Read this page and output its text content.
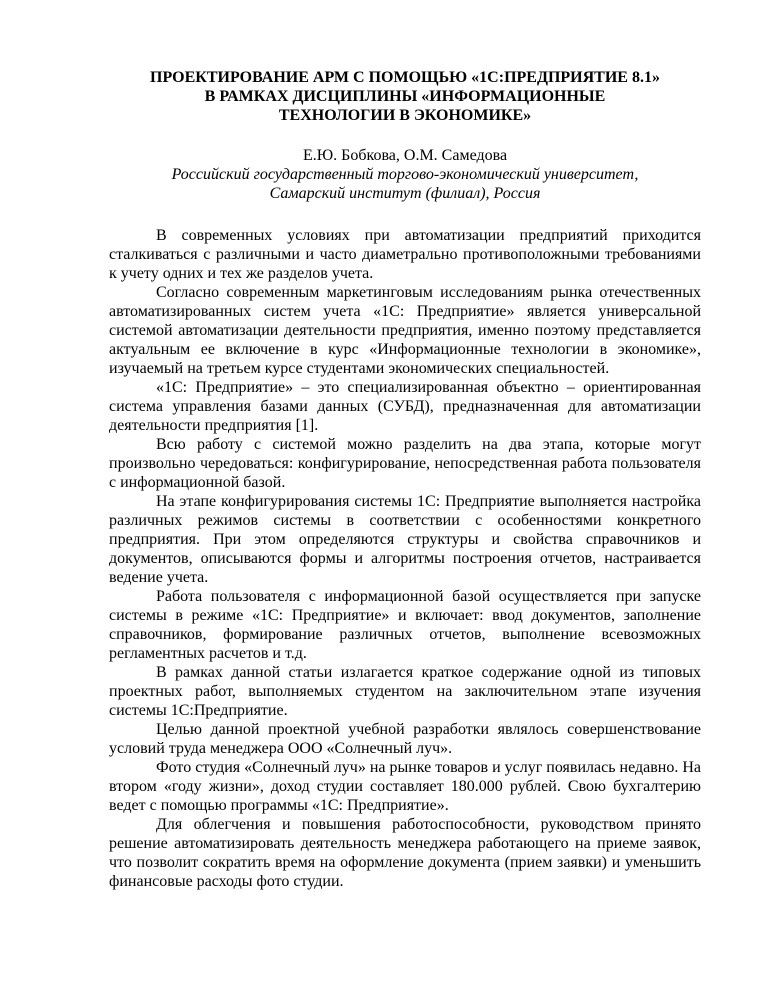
ПРОЕКТИРОВАНИЕ АРМ С ПОМОЩЬЮ «1С:ПРЕДПРИЯТИЕ 8.1»
В РАМКАХ ДИСЦИПЛИНЫ «ИНФОРМАЦИОННЫЕ
ТЕХНОЛОГИИ В ЭКОНОМИКЕ»
Е.Ю. Бобкова, О.М. Самедова
Российский государственный торгово-экономический университет,
Самарский институт (филиал), Россия

В современных условиях при автоматизации предприятий приходится сталкиваться с различными и часто диаметрально противоположными требованиями к учету одних и тех же разделов учета.

Согласно современным маркетинговым исследованиям рынка отечественных автоматизированных систем учета «1С: Предприятие» является универсальной системой автоматизации деятельности предприятия, именно поэтому представляется актуальным ее включение в курс «Информационные технологии в экономике», изучаемый на третьем курсе студентами экономических специальностей.

«1С: Предприятие» – это специализированная объектно – ориентированная система управления базами данных (СУБД), предназначенная для автоматизации деятельности предприятия [1].

Всю работу с системой можно разделить на два этапа, которые могут произвольно чередоваться: конфигурирование, непосредственная работа пользователя с информационной базой.

На этапе конфигурирования системы 1С: Предприятие выполняется настройка различных режимов системы в соответствии с особенностями конкретного предприятия. При этом определяются структуры и свойства справочников и документов, описываются формы и алгоритмы построения отчетов, настраивается ведение учета.

Работа пользователя с информационной базой осуществляется при запуске системы в режиме «1С: Предприятие» и включает: ввод документов, заполнение справочников, формирование различных отчетов, выполнение всевозможных регламентных расчетов и т.д.

В рамках данной статьи излагается краткое содержание одной из типовых проектных работ, выполняемых студентом на заключительном этапе изучения системы 1С:Предприятие.

Целью данной проектной учебной разработки являлось совершенствование условий труда менеджера ООО «Солнечный луч».

Фото студия «Солнечный луч» на рынке товаров и услуг появилась недавно. На втором «году жизни», доход студии составляет 180.000 рублей. Свою бухгалтерию ведет с помощью программы «1С: Предприятие».

Для облегчения и повышения работоспособности, руководством принято решение автоматизировать деятельность менеджера работающего на приеме заявок, что позволит сократить время на оформление документа (прием заявки) и уменьшить финансовые расходы фото студии.
